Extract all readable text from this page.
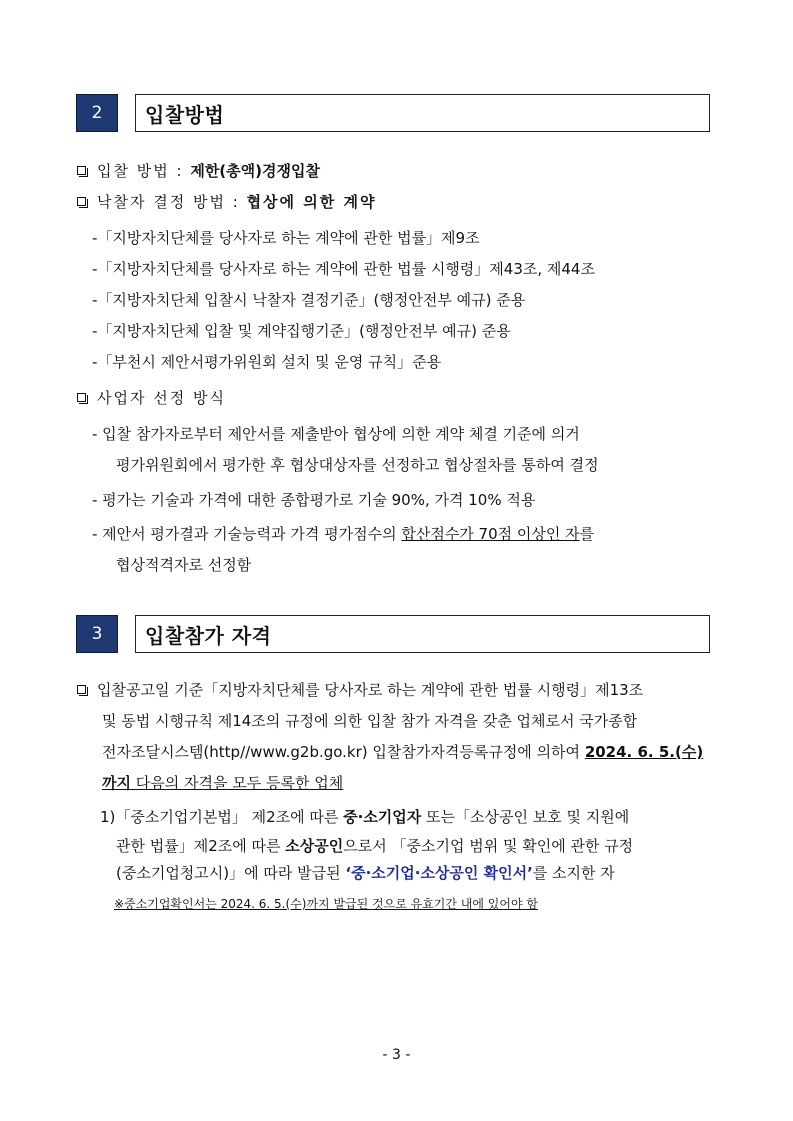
2	입찰방법
입찰 방법 : 제한(총액)경쟁입찰
낙찰자 결정 방법 : 협상에 의한 계약
-「지방자치단체를 당사자로 하는 계약에 관한 법률」제9조
-「지방자치단체를 당사자로 하는 계약에 관한 법률 시행령」제43조, 제44조
-「지방자치단체 입찰시 낙찰자 결정기준」(행정안전부 예규) 준용
-「지방자치단체 입찰 및 계약집행기준」(행정안전부 예규) 준용
-「부천시 제안서평가위원회 설치 및 운영 규칙」준용
사업자 선정 방식
- 입찰 참가자로부터 제안서를 제출받아 협상에 의한 계약 체결 기준에 의거
평가위원회에서 평가한 후 협상대상자를 선정하고 협상절차를 통하여 결정
- 평가는 기술과 가격에 대한 종합평가로 기술 90%, 가격 10% 적용
- 제안서 평가결과 기술능력과 가격 평가점수의 합산점수가 70점 이상인 자를
협상적격자로 선정함
3	입찰참가 자격
입찰공고일 기준「지방자치단체를 당사자로 하는 계약에 관한 법률 시행령」제13조
및 동법 시행규칙 제14조의 규정에 의한 입찰 참가 자격을 갖춘 업체로서 국가종합
전자조달시스템(http//www.g2b.go.kr) 입찰참가자격등록규정에 의하여 2024. 6. 5.(수)
까지 다음의 자격을 모두 등록한 업체
1)「중소기업기본법」 제2조에 따른 중·소기업자 또는「소상공인 보호 및 지원에
관한 법률」제2조에 따른 소상공인으로서 「중소기업 범위 및 확인에 관한 규정
(중소기업청고시)」에 따라 발급된 ‘중·소기업·소상공인 확인서’를 소지한 자
※중소기업확인서는 2024. 6. 5.(수)까지 발급된 것으로 유효기간 내에 있어야 함
- 3 -
